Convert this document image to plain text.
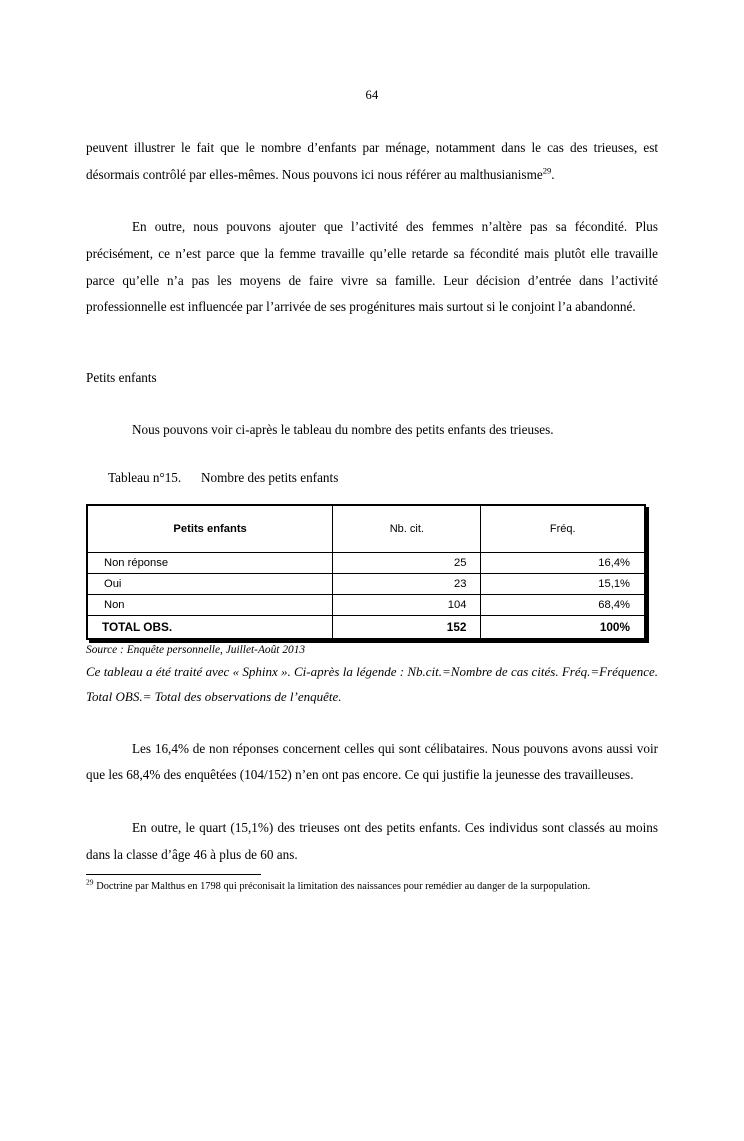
64

peuvent illustrer le fait que le nombre d’enfants par ménage, notamment dans le cas des trieuses, est désormais contrôlé par elles-mêmes. Nous pouvons ici nous référer au malthusianisme$^{29}$.

En outre, nous pouvons ajouter que l’activité des femmes n’altère pas sa fécondité. Plus précisément, ce n’est parce que la femme travaille qu’elle retarde sa fécondité mais plutôt elle travaille parce qu’elle n’a pas les moyens de faire vivre sa famille. Leur décision d’entrée dans l’activité professionnelle est influencée par l’arrivée de ses progénitures mais surtout si le conjoint l’a abandonné.

Petits enfants

Nous pouvons voir ci-après le tableau du nombre des petits enfants des trieuses.

Tableau n°15. Nombre des petits enfants

Petits enfants	Nb. cit.	Fréq.
Non réponse	25	16,4%
Oui	23	15,1%
Non	104	68,4%
TOTAL OBS.	152	100%

Source : Enquête personnelle, Juillet-Août 2013

Ce tableau a été traité avec « Sphinx ». Ci-après la légende : Nb.cit.=Nombre de cas cités. Fréq.=Fréquence. Total OBS.= Total des observations de l’enquête.

Les 16,4% de non réponses concernent celles qui sont célibataires. Nous pouvons avons aussi voir que les 68,4% des enquêtées (104/152) n’en ont pas encore. Ce qui justifie la jeunesse des travailleuses.

En outre, le quart (15,1%) des trieuses ont des petits enfants. Ces individus sont classés au moins dans la classe d’âge 46 à plus de 60 ans.

$^{29}$ Doctrine par Malthus en 1798 qui préconisait la limitation des naissances pour remédier au danger de la surpopulation.
